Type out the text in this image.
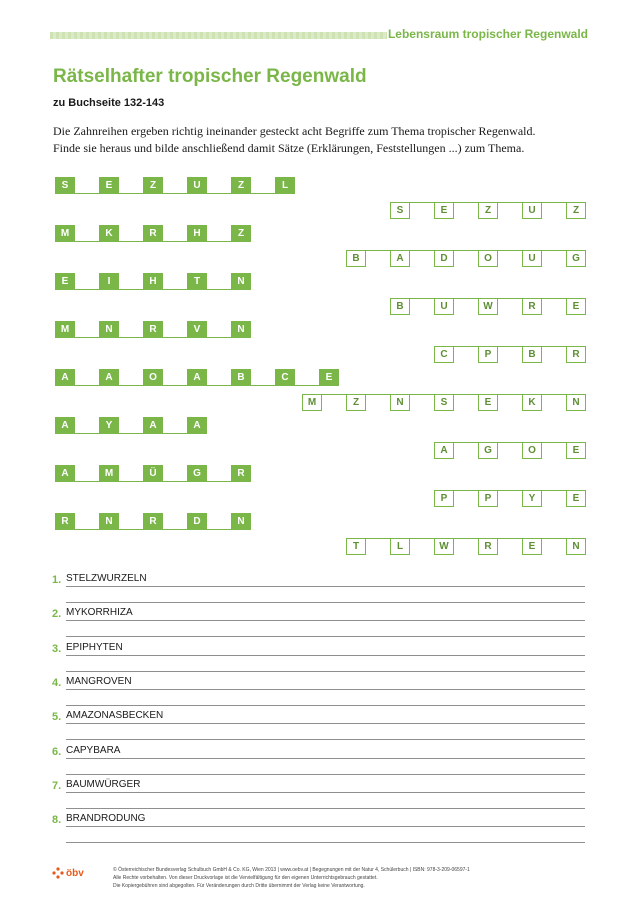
Lebensraum tropischer Regenwald
Rätselhafter tropischer Regenwald
zu Buchseite 132-143
Die Zahnreihen ergeben richtig ineinander gesteckt acht Begriffe zum Thema tropischer Regenwald.
Finde sie heraus und bilde anschließend damit Sätze (Erklärungen, Feststellungen ...) zum Thema.
S	E	Z	U	Z	L
M	K	R	H	Z
E	I	H	T	N
M	N	R	V	N
A	A	O	A	B	C	E
A	Y	A	A
A	M	Ü	G	R
R	N	R	D	N
S	E	Z	U	Z
B	A	D	O	U	G
B	U	W	R	E
C	P	B	R
M	Z	N	S	E	K	N
A	G	O	E
P	P	Y	E
T	L	W	R	E	N
1. STELZWURZELN
2. MYKORRHIZA
3. EPIPHYTEN
4. MANGROVEN
5. AMAZONASBECKEN
6. CAPYBARA
7. BAUMWÜRGER
8. BRANDRODUNG
öbv	© Österreichischer Bundesverlag Schulbuch GmbH & Co. KG, Wien 2013 | www.oebv.at | Begegnungen mit der Natur 4, Schülerbuch | ISBN: 978-3-209-06597-1
Alle Rechte vorbehalten. Von dieser Druckvorlage ist die Vervielfältigung für den eigenen Unterrichtsgebrauch gestattet.
Die Kopiergebühren sind abgegolten. Für Veränderungen durch Dritte übernimmt der Verlag keine Verantwortung.
